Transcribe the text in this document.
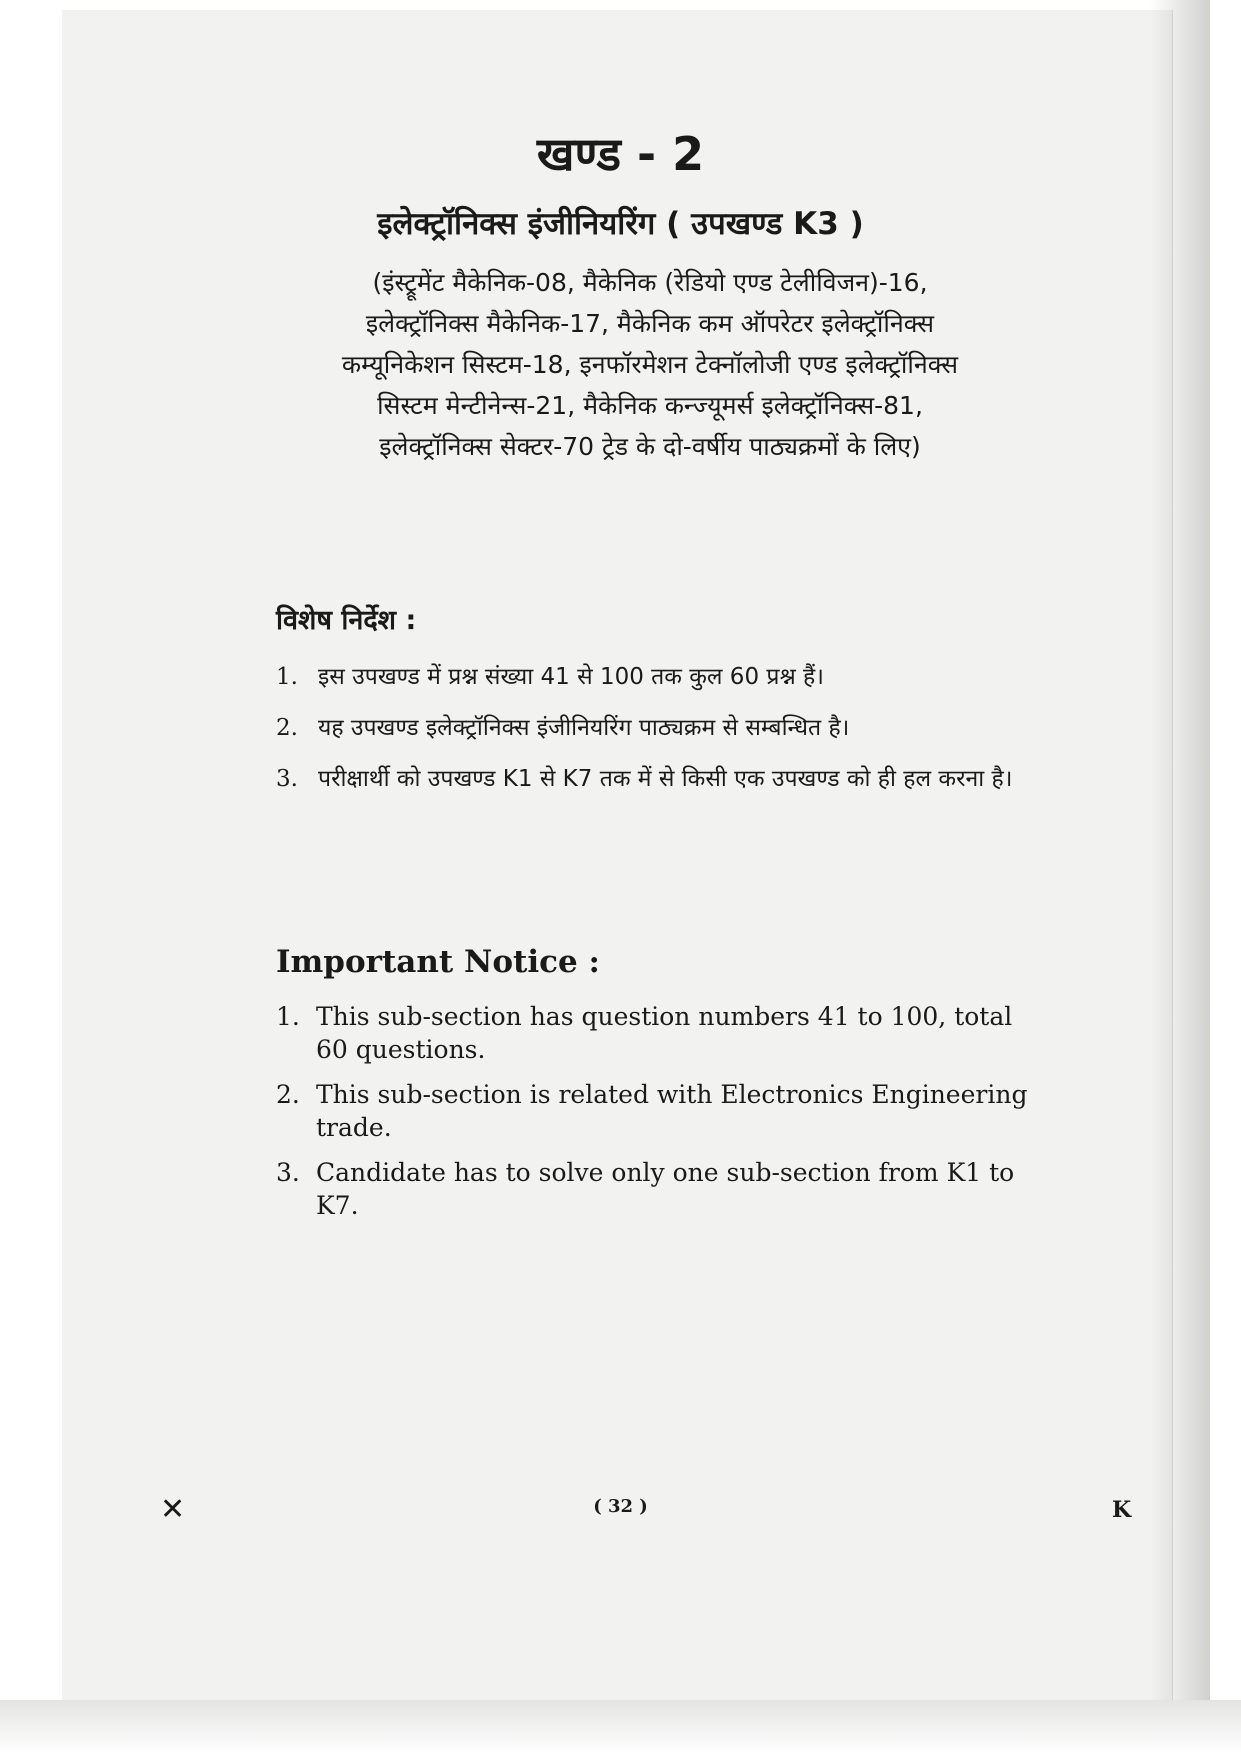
खण्ड - 2
इलेक्ट्रॉनिक्स इंजीनियरिंग ( उपखण्ड K3 )
(इंस्ट्रूमेंट मैकेनिक-08, मैकेनिक (रेडियो एण्ड टेलीविजन)-16,
इलेक्ट्रॉनिक्स मैकेनिक-17, मैकेनिक कम ऑपरेटर इलेक्ट्रॉनिक्स
कम्यूनिकेशन सिस्टम-18, इनफॉरमेशन टेक्नॉलोजी एण्ड इलेक्ट्रॉनिक्स
सिस्टम मेन्टीनेन्स-21, मैकेनिक कन्ज्यूमर्स इलेक्ट्रॉनिक्स-81,
इलेक्ट्रॉनिक्स सेक्टर-70 ट्रेड के दो-वर्षीय पाठ्यक्रमों के लिए)
विशेष निर्देश :
1. इस उपखण्ड में प्रश्न संख्या 41 से 100 तक कुल 60 प्रश्न हैं।
2. यह उपखण्ड इलेक्ट्रॉनिक्स इंजीनियरिंग पाठ्यक्रम से सम्बन्धित है।
3. परीक्षार्थी को उपखण्ड K1 से K7 तक में से किसी एक उपखण्ड को ही हल करना है।
Important Notice :
1. This sub-section has question numbers 41 to 100, total 60 questions.
2. This sub-section is related with Electronics Engineering trade.
3. Candidate has to solve only one sub-section from K1 to K7.
✕	( 32 )	K
